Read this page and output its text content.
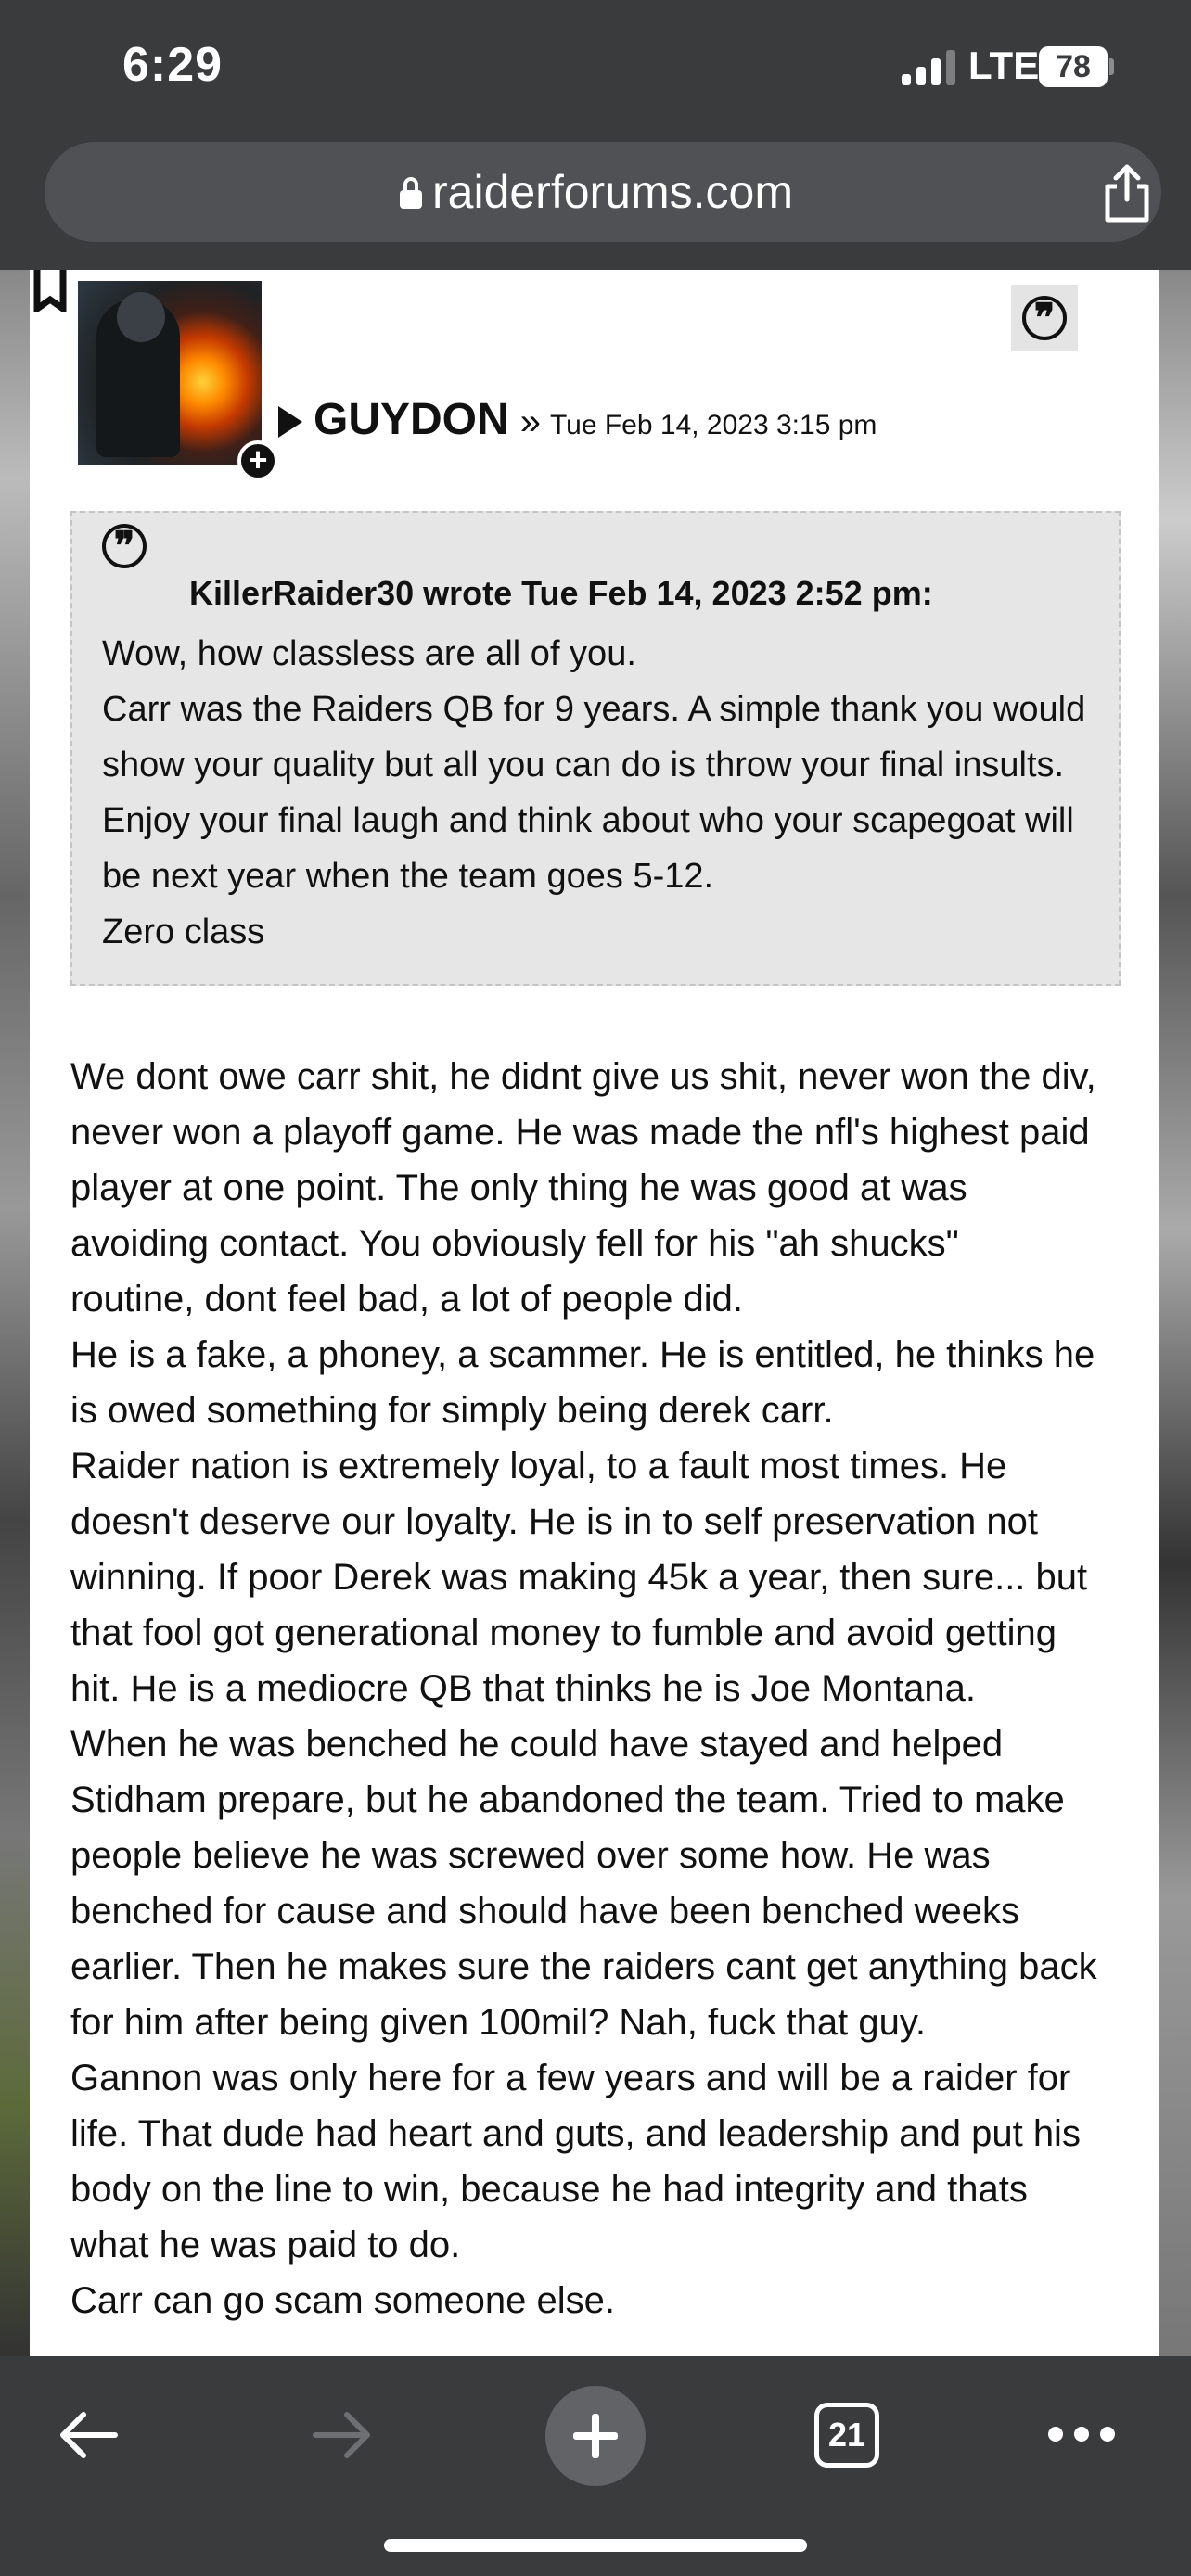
6:29	LTE 78
raiderforums.com
+
GUYDON » Tue Feb 14, 2023 3:15 pm
❞
❞
KillerRaider30 wrote Tue Feb 14, 2023 2:52 pm:
Wow, how classless are all of you.
Carr was the Raiders QB for 9 years. A simple thank you would
show your quality but all you can do is throw your final insults.
Enjoy your final laugh and think about who your scapegoat will
be next year when the team goes 5-12.
Zero class
We dont owe carr shit, he didnt give us shit, never won the div,
never won a playoff game. He was made the nfl's highest paid
player at one point. The only thing he was good at was
avoiding contact. You obviously fell for his "ah shucks"
routine, dont feel bad, a lot of people did.
He is a fake, a phoney, a scammer. He is entitled, he thinks he
is owed something for simply being derek carr.
Raider nation is extremely loyal, to a fault most times. He
doesn't deserve our loyalty. He is in to self preservation not
winning. If poor Derek was making 45k a year, then sure... but
that fool got generational money to fumble and avoid getting
hit. He is a mediocre QB that thinks he is Joe Montana.
When he was benched he could have stayed and helped
Stidham prepare, but he abandoned the team. Tried to make
people believe he was screwed over some how. He was
benched for cause and should have been benched weeks
earlier. Then he makes sure the raiders cant get anything back
for him after being given 100mil? Nah, fuck that guy.
Gannon was only here for a few years and will be a raider for
life. That dude had heart and guts, and leadership and put his
body on the line to win, because he had integrity and thats
what he was paid to do.
Carr can go scam someone else.
21
